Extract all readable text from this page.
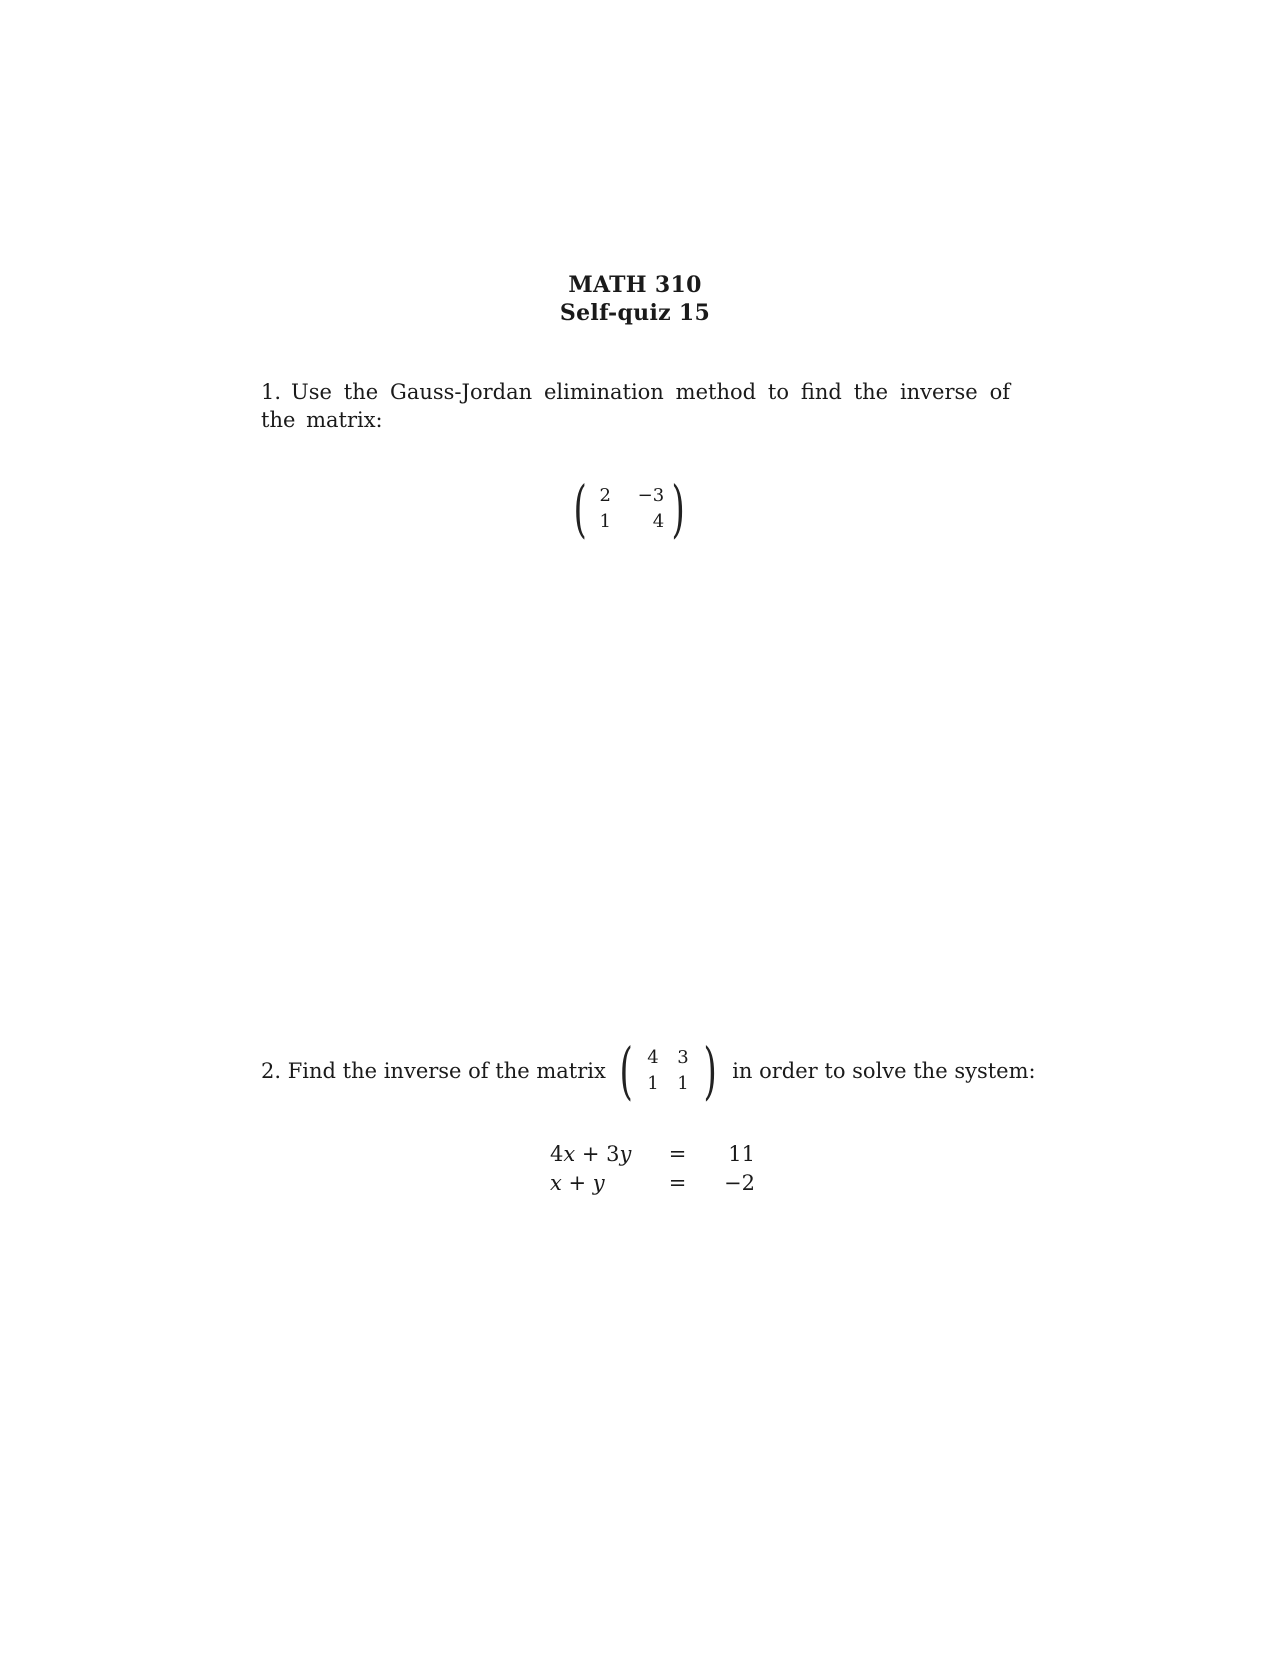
MATH 310
Self-quiz 15
1. Use the Gauss-Jordan elimination method to find the inverse of the matrix:
( 2	−3
1	4 )
2. Find the inverse of the matrix ( 4	3
1	1 ) in order to solve the system:
4x + 3y	=	11
x + y	=	−2
